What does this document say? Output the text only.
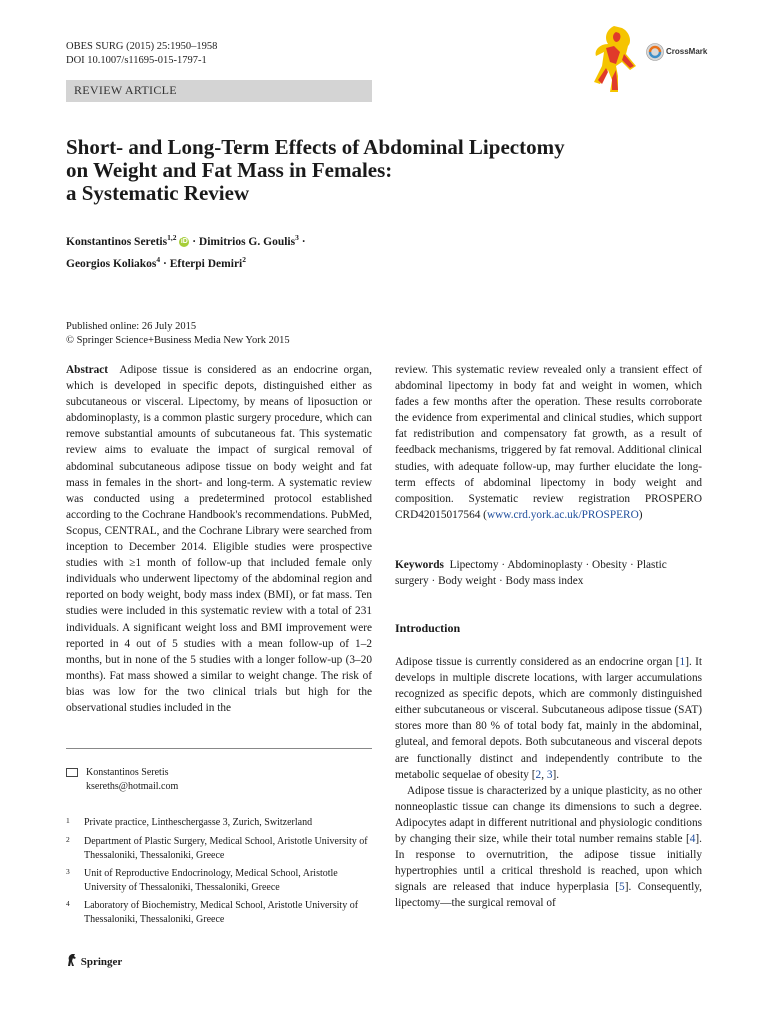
OBES SURG (2015) 25:1950–1958
DOI 10.1007/s11695-015-1797-1
REVIEW ARTICLE
CrossMark
Short- and Long-Term Effects of Abdominal Lipectomy
on Weight and Fat Mass in Females:
a Systematic Review
Konstantinos Seretis$^{1,2}$ iD · Dimitrios G. Goulis$^3$ ·
Georgios Koliakos$^4$ · Efterpi Demiri$^2$
Published online: 26 July 2015
© Springer Science+Business Media New York 2015

Abstract Adipose tissue is considered as an endocrine organ, which is developed in specific depots, distinguished either as subcutaneous or visceral. Lipectomy, by means of liposuction or abdominoplasty, is a common plastic surgery procedure, which can remove substantial amounts of subcutaneous fat. This systematic review aims to evaluate the impact of surgical removal of abdominal subcutaneous adipose tissue on body weight and fat mass in females in the short- and long-term. A systematic review was conducted using a predetermined protocol established according to the Cochrane Handbook's recommendations. PubMed, Scopus, CENTRAL, and the Cochrane Library were searched from inception to December 2014. Eligible studies were prospective studies with ≥1 month of follow-up that included female only individuals who underwent lipectomy of the abdominal region and reported on body weight, body mass index (BMI), or fat mass. Ten studies were included in this systematic review with a total of 231 individuals. A significant weight loss and BMI improvement were reported in 4 out of 5 studies with a mean follow-up of 1–2 months, but in none of the 5 studies with a longer follow-up (3–20 months). Fat mass showed a similar to weight change. The risk of bias was low for the two clinical trials but high for the observational studies included in the

review. This systematic review revealed only a transient effect of abdominal lipectomy in body fat and weight in women, which fades a few months after the operation. These results corroborate the evidence from experimental and clinical studies, which support fat redistribution and compensatory fat growth, as a result of feedback mechanisms, triggered by fat removal. Additional clinical studies, with adequate follow-up, may further elucidate the long-term effects of abdominal lipectomy in body weight and composition. Systematic review registration PROSPERO CRD42015017564 (www.crd.york.ac.uk/PROSPERO)

Keywords Lipectomy · Abdominoplasty · Obesity · Plastic surgery · Body weight · Body mass index

Introduction

Adipose tissue is currently considered as an endocrine organ [1]. It develops in multiple discrete locations, with larger accumulations recognized as specific depots, which are commonly distinguished either subcutaneous or visceral. Subcutaneous adipose tissue (SAT) stores more than 80 % of total body fat, mainly in the abdominal, gluteal, and femoral depots. Both subcutaneous and visceral depots are functionally distinct and independently contribute to the metabolic sequelae of obesity [2, 3].

Adipose tissue is characterized by a unique plasticity, as no other nonneoplastic tissue can change its dimensions to such a degree. Adipocytes adapt in different nutritional and physiologic conditions by changing their size, while their total number remains stable [4]. In response to overnutrition, the adipose tissue initially hypertrophies until a critical threshold is reached, upon which signals are released that induce hyperplasia [5]. Consequently, lipectomy—the surgical removal of

Konstantinos Seretis
ksereths@hotmail.com
1 Private practice, Lintheschergasse 3, Zurich, Switzerland
2 Department of Plastic Surgery, Medical School, Aristotle University of Thessaloniki, Thessaloniki, Greece
3 Unit of Reproductive Endocrinology, Medical School, Aristotle University of Thessaloniki, Thessaloniki, Greece
4 Laboratory of Biochemistry, Medical School, Aristotle University of Thessaloniki, Thessaloniki, Greece
Springer
